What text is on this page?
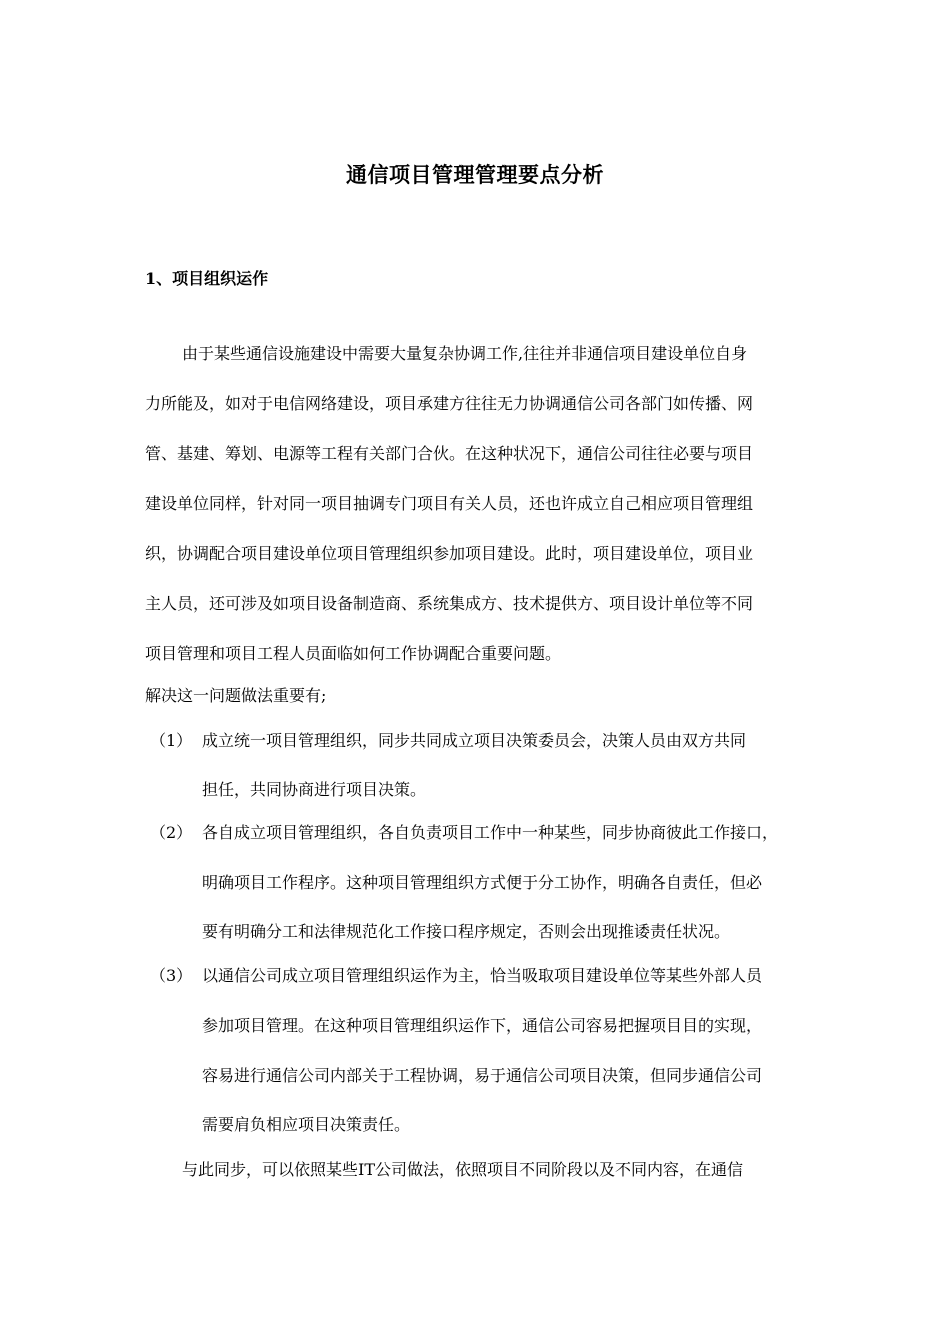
通信项目管理管理要点分析
1、项目组织运作
由于某些通信设施建设中需要大量复杂协调工作,往往并非通信项目建设单位自身
力所能及，如对于电信网络建设，项目承建方往往无力协调通信公司各部门如传播、网
管、基建、筹划、电源等工程有关部门合伙。在这种状况下，通信公司往往必要与项目
建设单位同样，针对同一项目抽调专门项目有关人员，还也许成立自己相应项目管理组
织，协调配合项目建设单位项目管理组织参加项目建设。此时，项目建设单位，项目业
主人员，还可涉及如项目设备制造商、系统集成方、技术提供方、项目设计单位等不同
项目管理和项目工程人员面临如何工作协调配合重要问题。
解决这一问题做法重要有;
（1） 成立统一项目管理组织，同步共同成立项目决策委员会，决策人员由双方共同
担任，共同协商进行项目决策。
（2） 各自成立项目管理组织，各自负责项目工作中一种某些，同步协商彼此工作接口，
明确项目工作程序。这种项目管理组织方式便于分工协作，明确各自责任，但必
要有明确分工和法律规范化工作接口程序规定，否则会出现推诿责任状况。
（3） 以通信公司成立项目管理组织运作为主，恰当吸取项目建设单位等某些外部人员
参加项目管理。在这种项目管理组织运作下，通信公司容易把握项目目的实现，
容易进行通信公司内部关于工程协调，易于通信公司项目决策，但同步通信公司
需要肩负相应项目决策责任。
与此同步，可以依照某些IT公司做法，依照项目不同阶段以及不同内容，在通信
